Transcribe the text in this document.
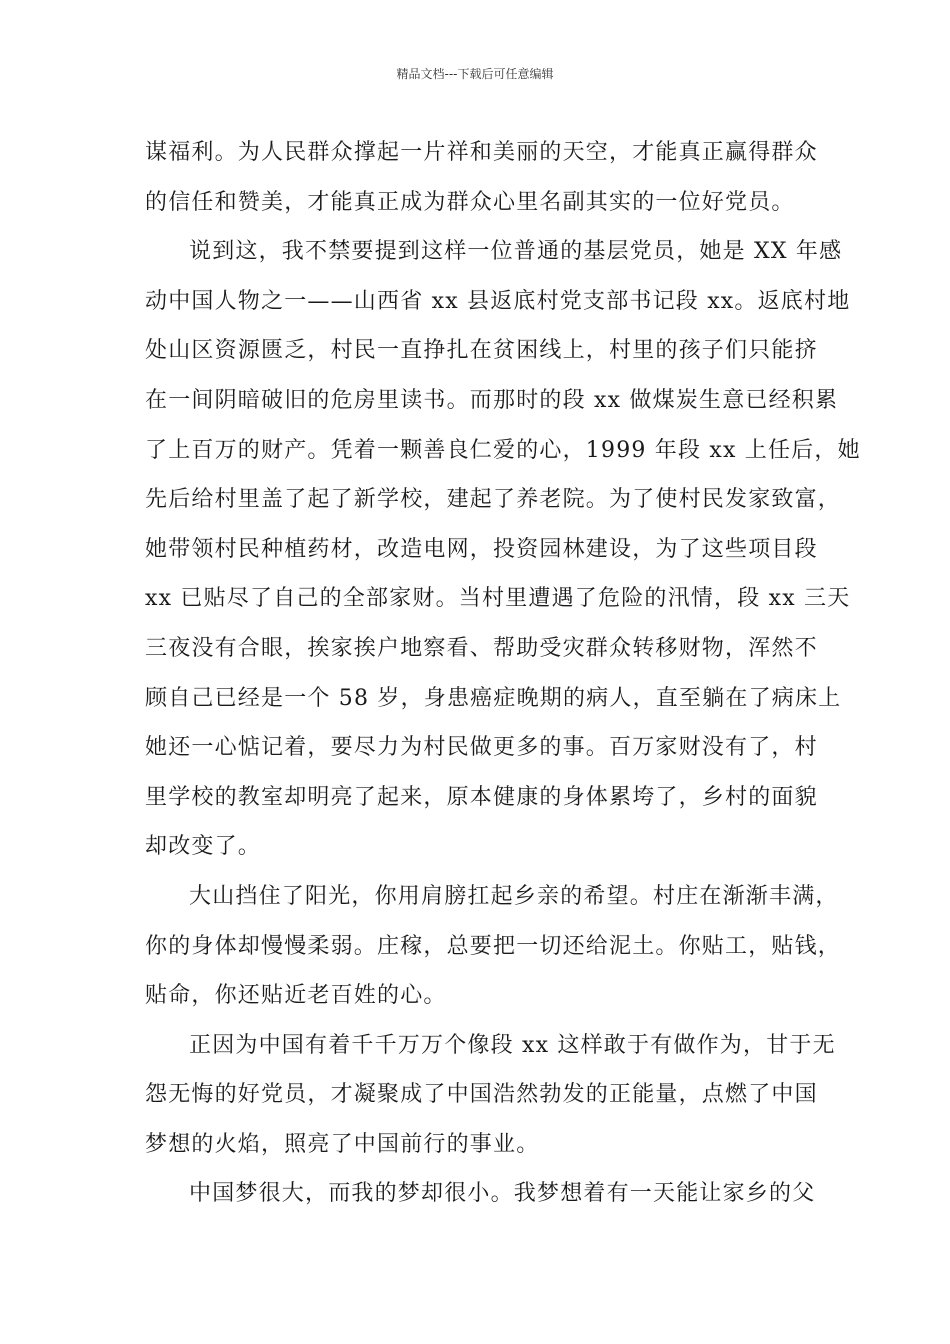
精品文档---下载后可任意编辑
谋福利。为人民群众撑起一片祥和美丽的天空，才能真正赢得群众
的信任和赞美，才能真正成为群众心里名副其实的一位好党员。
说到这，我不禁要提到这样一位普通的基层党员，她是 XX 年感
动中国人物之一——山西省 xx 县返底村党支部书记段 xx。返底村地
处山区资源匮乏，村民一直挣扎在贫困线上，村里的孩子们只能挤
在一间阴暗破旧的危房里读书。而那时的段 xx 做煤炭生意已经积累
了上百万的财产。凭着一颗善良仁爱的心，1999 年段 xx 上任后，她
先后给村里盖了起了新学校，建起了养老院。为了使村民发家致富，
她带领村民种植药材，改造电网，投资园林建设，为了这些项目段
xx 已贴尽了自己的全部家财。当村里遭遇了危险的汛情，段 xx 三天
三夜没有合眼，挨家挨户地察看、帮助受灾群众转移财物，浑然不
顾自己已经是一个 58 岁，身患癌症晚期的病人，直至躺在了病床上
她还一心惦记着，要尽力为村民做更多的事。百万家财没有了，村
里学校的教室却明亮了起来，原本健康的身体累垮了，乡村的面貌
却改变了。
大山挡住了阳光，你用肩膀扛起乡亲的希望。村庄在渐渐丰满，
你的身体却慢慢柔弱。庄稼，总要把一切还给泥土。你贴工，贴钱，
贴命，你还贴近老百姓的心。
正因为中国有着千千万万个像段 xx 这样敢于有做作为，甘于无
怨无悔的好党员，才凝聚成了中国浩然勃发的正能量，点燃了中国
梦想的火焰，照亮了中国前行的事业。
中国梦很大，而我的梦却很小。我梦想着有一天能让家乡的父
